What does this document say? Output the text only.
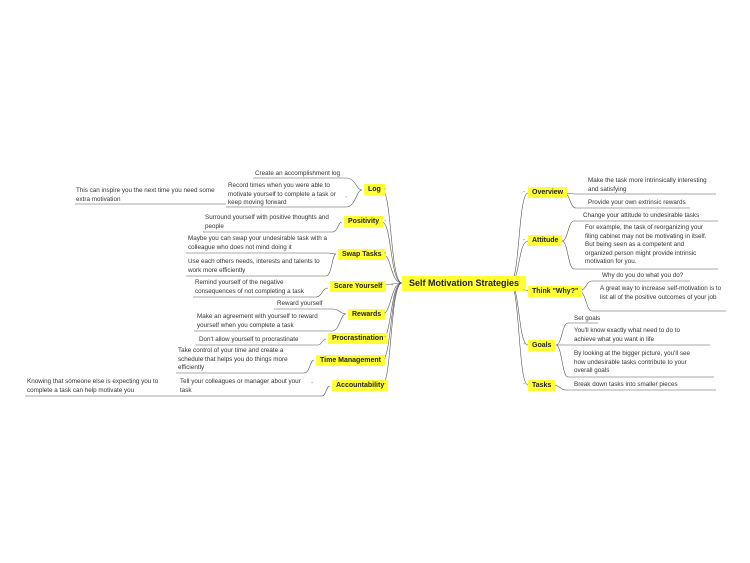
Self Motivation Strategies
Log
Positivity
Swap Tasks
Scare Yourself
Rewards
Procrastination
Time Management
Accountability
Overview
Attitude
Think "Why?"
Goals
Tasks
-
-
-
-
-
-
-
-
-
-
-
-
-
-
-
Create an accomplishment log
Record times when you were able to motivate yourself to complete a task or keep moving forward
This can inspire you the next time you need some extra motivation
Surround yourself with positive thoughts and people
Maybe you can swap your undesirable task with a colleague who does not mind doing it
Use each others needs, interests and talents to work more efficiently
Remind yourself of the negative consequences of not completing a task
Reward yourself
Make an agreement with yourself to reward yourself when you complete a task
Don't allow yourself to procrastinate
Take control of your time and create a schedule that helps you do things more efficiently
Tell your colleagues or manager about your task
Knowing that someone else is expecting you to complete a task can help motivate you
Make the task more intrinsically interesting and satisfying
Provide your own extrinsic rewards
Change your attitude to undesirable tasks
For example, the task of reorganizing your filing cabinet may not be motivating in itself. But being seen as a competent and organized person might provide intrinsic motivation for you.
Why do you do what you do?
A great way to increase self-motivation is to list all of the positive outcomes of your job
Set goals
You'll know exactly what need to do to achieve what you want in life
By looking at the bigger picture, you'll see how undesirable tasks contribute to your overall goals
Break down tasks into smaller pieces
